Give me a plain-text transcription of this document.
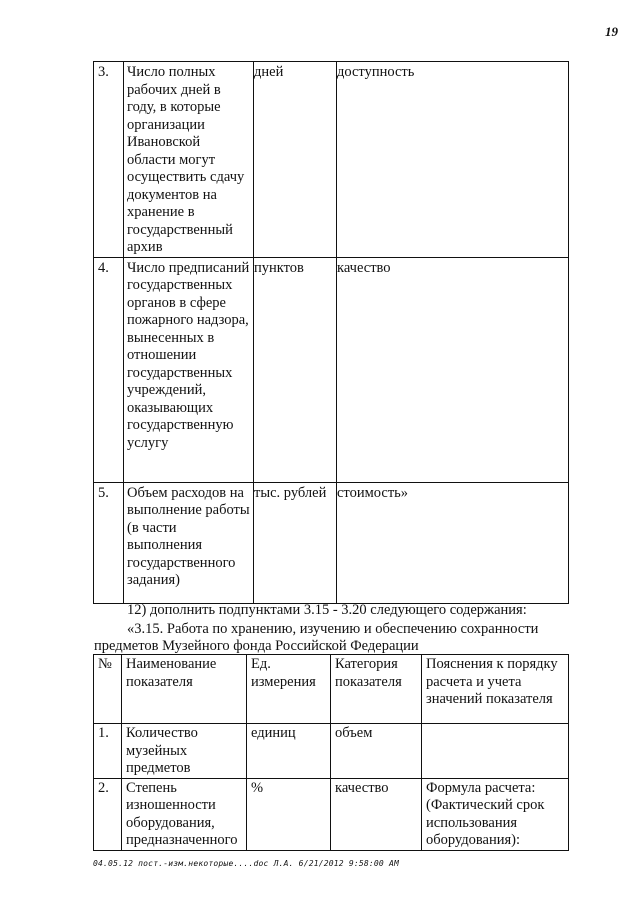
19
3.	Число полных рабочих дней в году, в которые организации Ивановской области могут осуществить сдачу документов на хранение в государственный архив	дней	доступность
4.	Число предписаний государственных органов в сфере пожарного надзора, вынесенных в отношении государственных учреждений, оказывающих государственную услугу	пунктов	качество
5.	Объем расходов на выполнение работы (в части выполнения государственного задания)	тыс. рублей	стоимость»
12) дополнить подпунктами 3.15 - 3.20 следующего содержания:
«3.15. Работа по хранению, изучению и обеспечению сохранности
предметов Музейного фонда Российской Федерации
№	Наименование показателя	Ед. измерения	Категория показателя	Пояснения к порядку расчета и учета значений показателя
1.	Количество музейных предметов	единиц	объем	
2.	Степень изношенности оборудования, предназначенного	%	качество	Формула расчета: (Фактический срок использования оборудования):
04.05.12 пост.-изм.некоторые....doc Л.А. 6/21/2012 9:58:00 AM
